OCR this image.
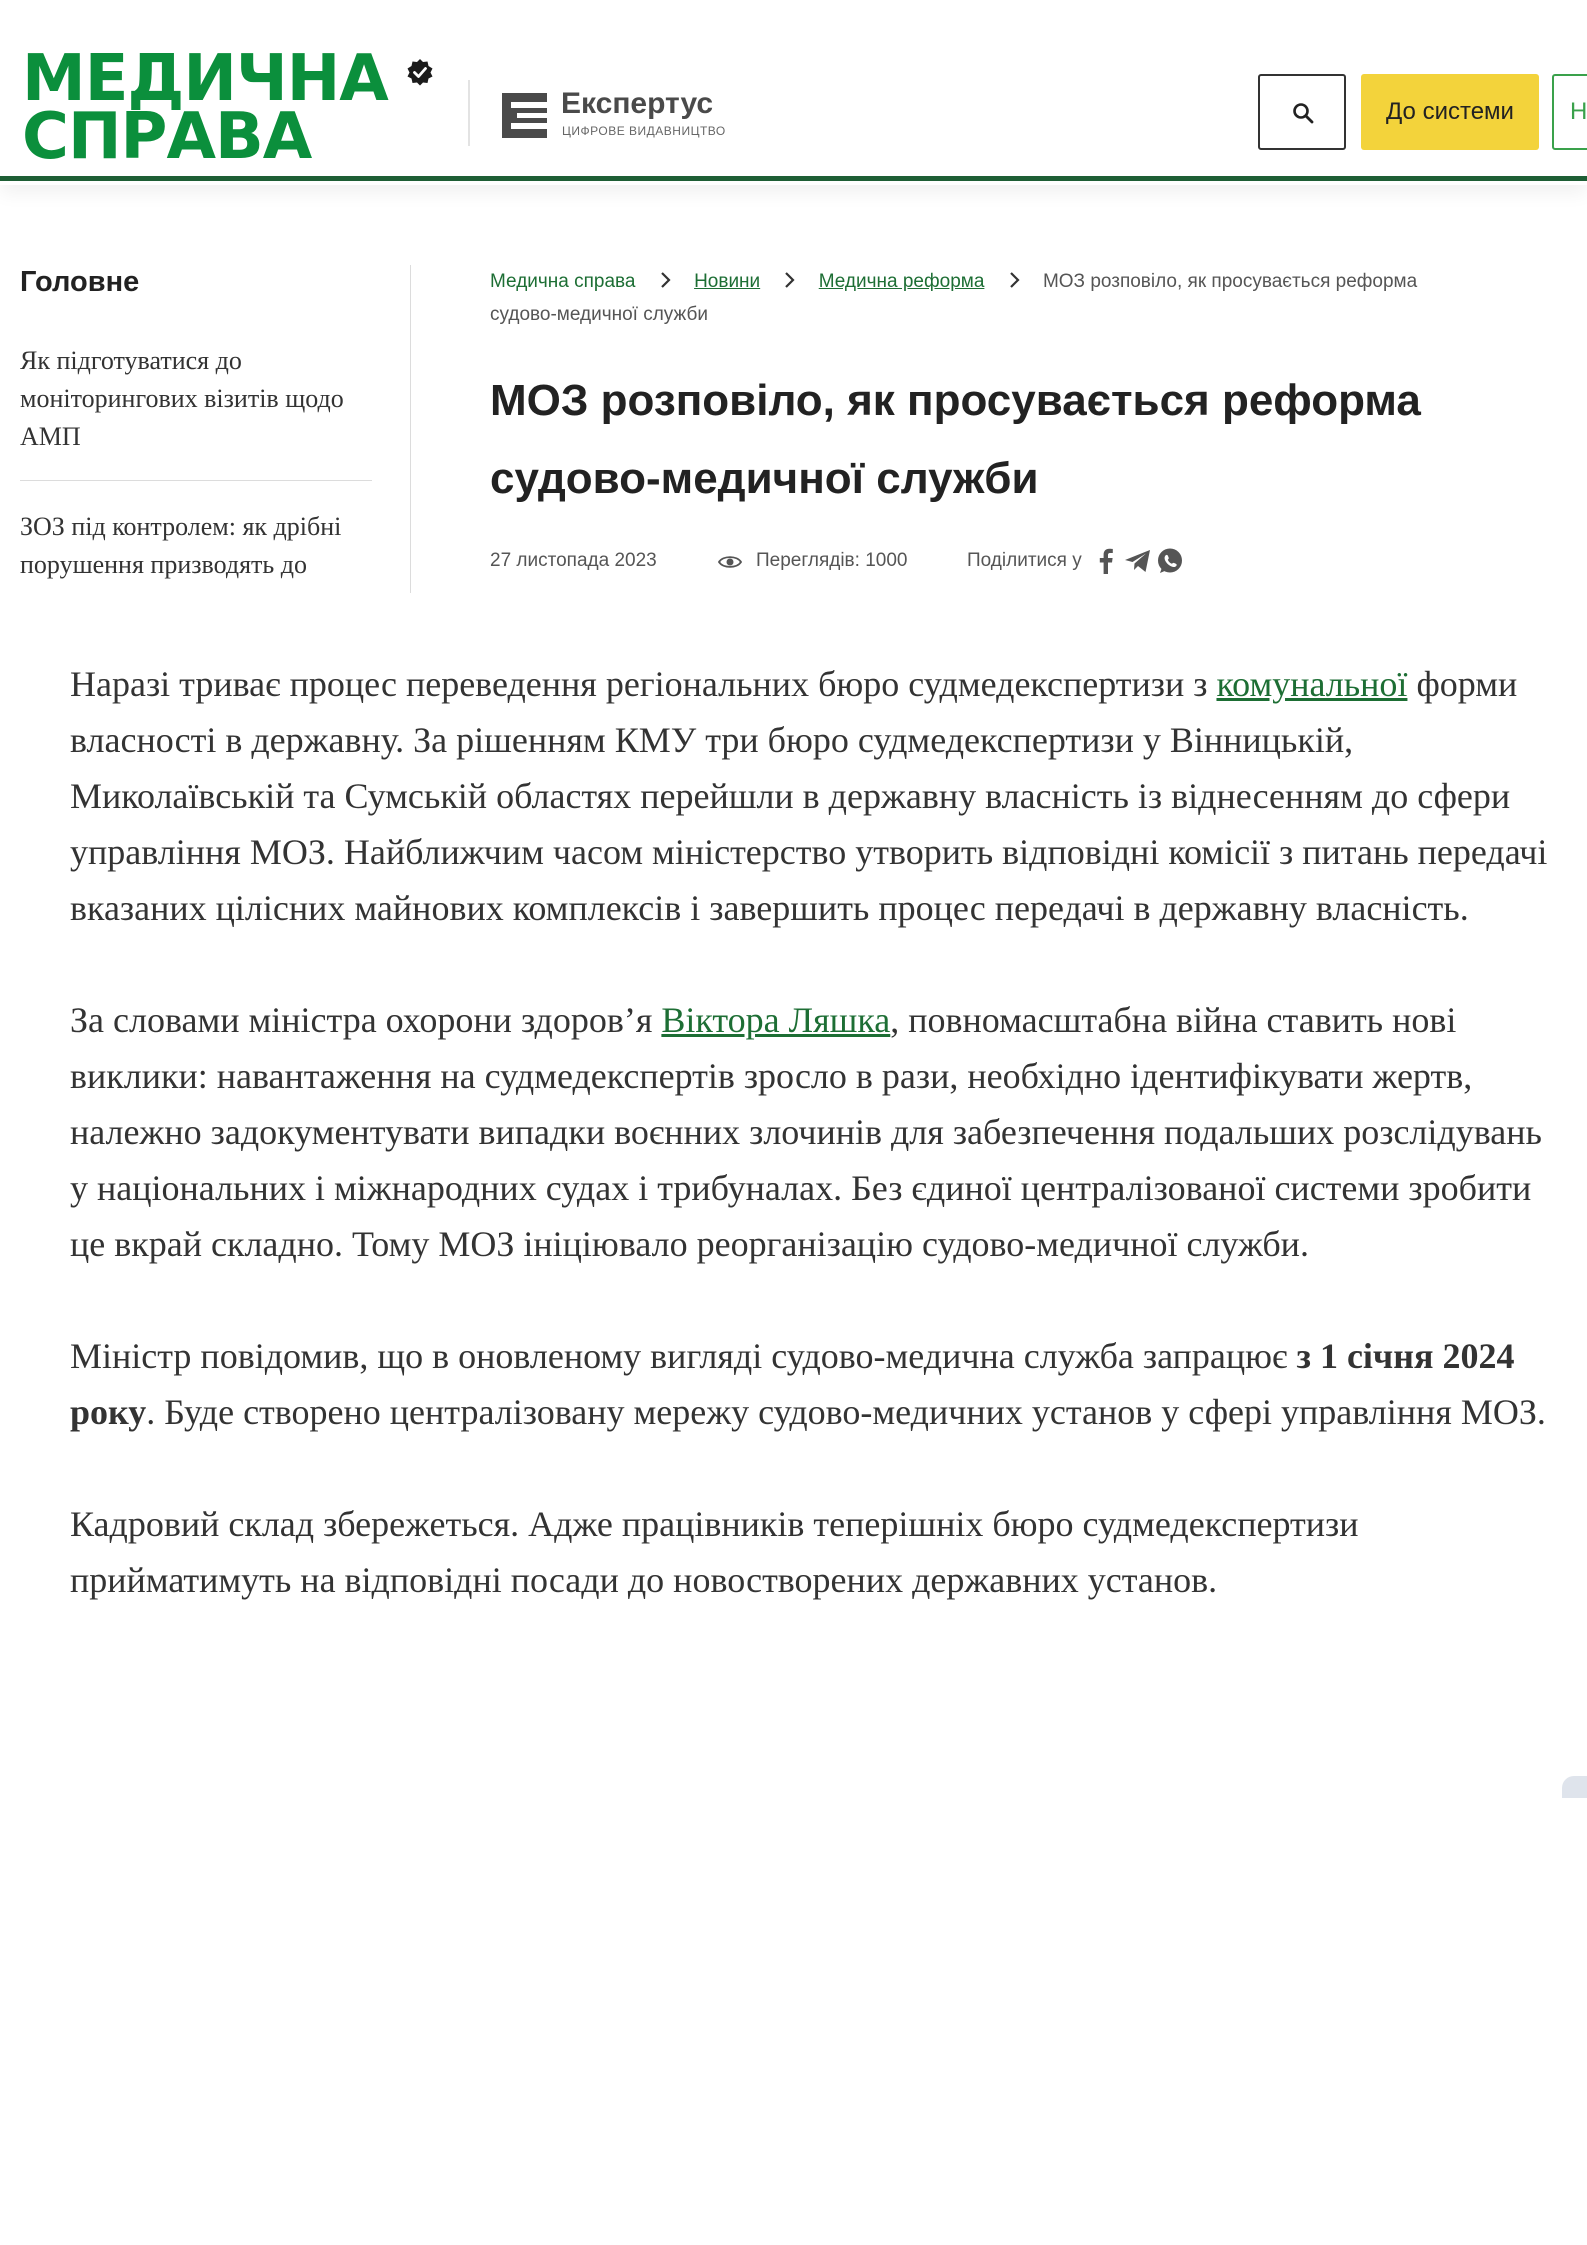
МЕДИЧНА
СПРАВА	Експертус
ЦИФРОВЕ ВИДАВНИЦТВО
До системи	Н
Головне
Як підготуватися до моніторингових візитів щодо АМП
ЗОЗ під контролем: як дрібні порушення призводять до
Медична справа	Новини	Медична реформа	МОЗ розповіло, як просувається реформа судово-медичної служби
МОЗ розповіло, як просувається реформа судово-медичної служби
27 листопада 2023	Переглядів: 1000	Поділитися у

Наразі триває процес переведення регіональних бюро судмедекспертизи з комунальної форми власності в державну. За рішенням КМУ три бюро судмедекспертизи у Вінницькій, Миколаївській та Сумській областях перейшли в державну власність із віднесенням до сфери управління МОЗ. Найближчим часом міністерство утворить відповідні комісії з питань передачі вказаних цілісних майнових комплексів і завершить процес передачі в державну власність.

За словами міністра охорони здоров’я Віктора Ляшка, повномасштабна війна ставить нові виклики: навантаження на судмедекспертів зросло в рази, необхідно ідентифікувати жертв, належно задокументувати випадки воєнних злочинів для забезпечення подальших розслідувань у національних і міжнародних судах і трибуналах. Без єдиної централізованої системи зробити це вкрай складно. Тому МОЗ ініціювало реорганізацію судово-медичної служби.

Міністр повідомив, що в оновленому вигляді судово-медична служба запрацює з 1 січня 2024 року. Буде створено централізовану мережу судово-медичних установ у сфері управління МОЗ.

Кадровий склад збережеться. Адже працівників теперішніх бюро судмедекспертизи прийматимуть на відповідні посади до новостворених державних установ.
